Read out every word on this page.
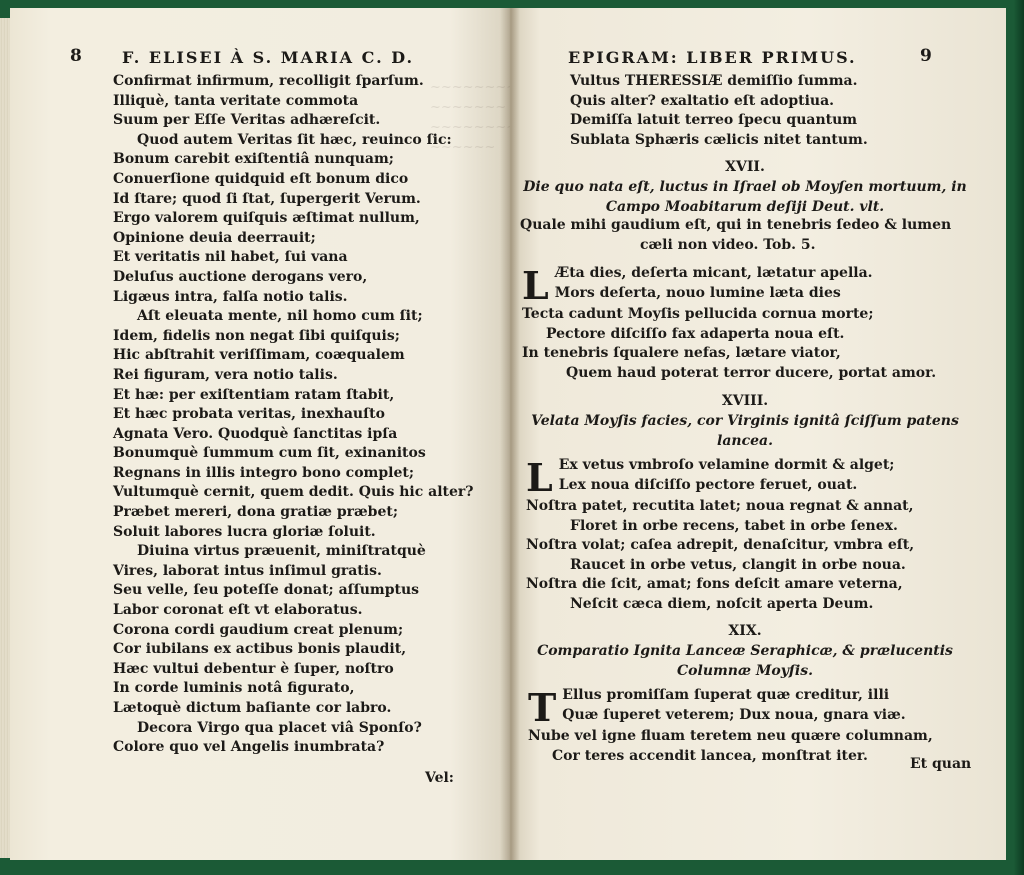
~~~~~~~~
~~~~~~~
~~~~~~~~~
~~~~~~
8	F. ELISEI À S. MARIA C. D.
Confirmat infirmum, recolligit ſparſum.
Illiquè, tanta veritate commota
Suum per Eſſe Veritas adhæreſcit.
Quod autem Veritas ſit hæc, reuinco ſic:
Bonum carebit exiſtentiâ nunquam;
Conuerſione quidquid eſt bonum dico
Id ſtare; quod ſi ſtat, ſupergerit Verum.
Ergo valorem quiſquis æſtimat nullum,
Opinione deuia deerrauit;
Et veritatis nil habet, ſui vana
Deluſus auctione derogans vero,
Ligæus intra, falſa notio talis.
Aſt eleuata mente, nil homo cum ſit;
Idem, fidelis non negat ſibi quiſquis;
Hic abſtrahit veriſſimam, coæqualem
Rei figuram, vera notio talis.
Et hæ: per exiſtentiam ratam ſtabit,
Et hæc probata veritas, inexhauſto
Agnata Vero. Quodquè ſanctitas ipſa
Bonumquè ſummum cum ſit, exinanitos
Regnans in illis integro bono complet;
Vultumquè cernit, quem dedit. Quis hic alter?
Præbet mereri, dona gratiæ præbet;
Soluit labores lucra gloriæ ſoluit.
Diuina virtus præuenit, miniſtratquè
Vires, laborat intus inſimul gratis.
Seu velle, ſeu poteſſe donat; aſſumptus
Labor coronat eſt vt elaboratus.
Corona cordi gaudium creat plenum;
Cor iubilans ex actibus bonis plaudit,
Hæc vultui debentur è ſuper, noſtro
In corde luminis notâ figurato,
Lætoquè dictum baſiante cor labro.
Decora Virgo qua placet viâ Sponſo?
Colore quo vel Angelis inumbrata?
Vel:
EPIGRAM: LIBER PRIMUS.	9
Vultus THERESSIÆ demiſſio ſumma.
Quis alter? exaltatio eſt adoptiua.
Demiſſa latuit terreo ſpecu quantum
Sublata Sphæris cælicis nitet tantum.
XVII.
Die quo nata eſt, luctus in Iſrael ob Moyſen mortuum, in
Campo Moabitarum deſiji Deut. vlt.
Quale mihi gaudium eſt, qui in tenebris ſedeo & lumen
cæli non video. Tob. 5.
L Æta dies, deſerta micant, lætatur apella.
Mors deſerta, nouo lumine læta dies
Tecta cadunt Moyſis pellucida cornua morte;
Pectore diſciſſo fax adaperta noua eſt.
In tenebris ſqualere nefas, lætare viator,
Quem haud poterat terror ducere, portat amor.
XVIII.
Velata Moyſis facies, cor Virginis ignitâ ſciſſum patens
lancea.
L Ex vetus vmbroſo velamine dormit & alget;
Lex noua diſciſſo pectore feruet, ouat.
Noſtra patet, recutita latet; noua regnat & annat,
Floret in orbe recens, tabet in orbe ſenex.
Noſtra volat; caſea adrepit, denaſcitur, vmbra eſt,
Raucet in orbe vetus, clangit in orbe noua.
Noſtra die ſcit, amat; fons deſcit amare veterna,
Neſcit cæca diem, noſcit aperta Deum.
XIX.
Comparatio Ignita Lanceæ Seraphicæ, & prælucentis
Columnæ Moyſis.
T Ellus promiſſam ſuperat quæ creditur, illi
Quæ ſuperet veterem; Dux noua, gnara viæ.
Nube vel igne fluam teretem neu quære columnam,
Cor teres accendit lancea, monſtrat iter.
Et quan
